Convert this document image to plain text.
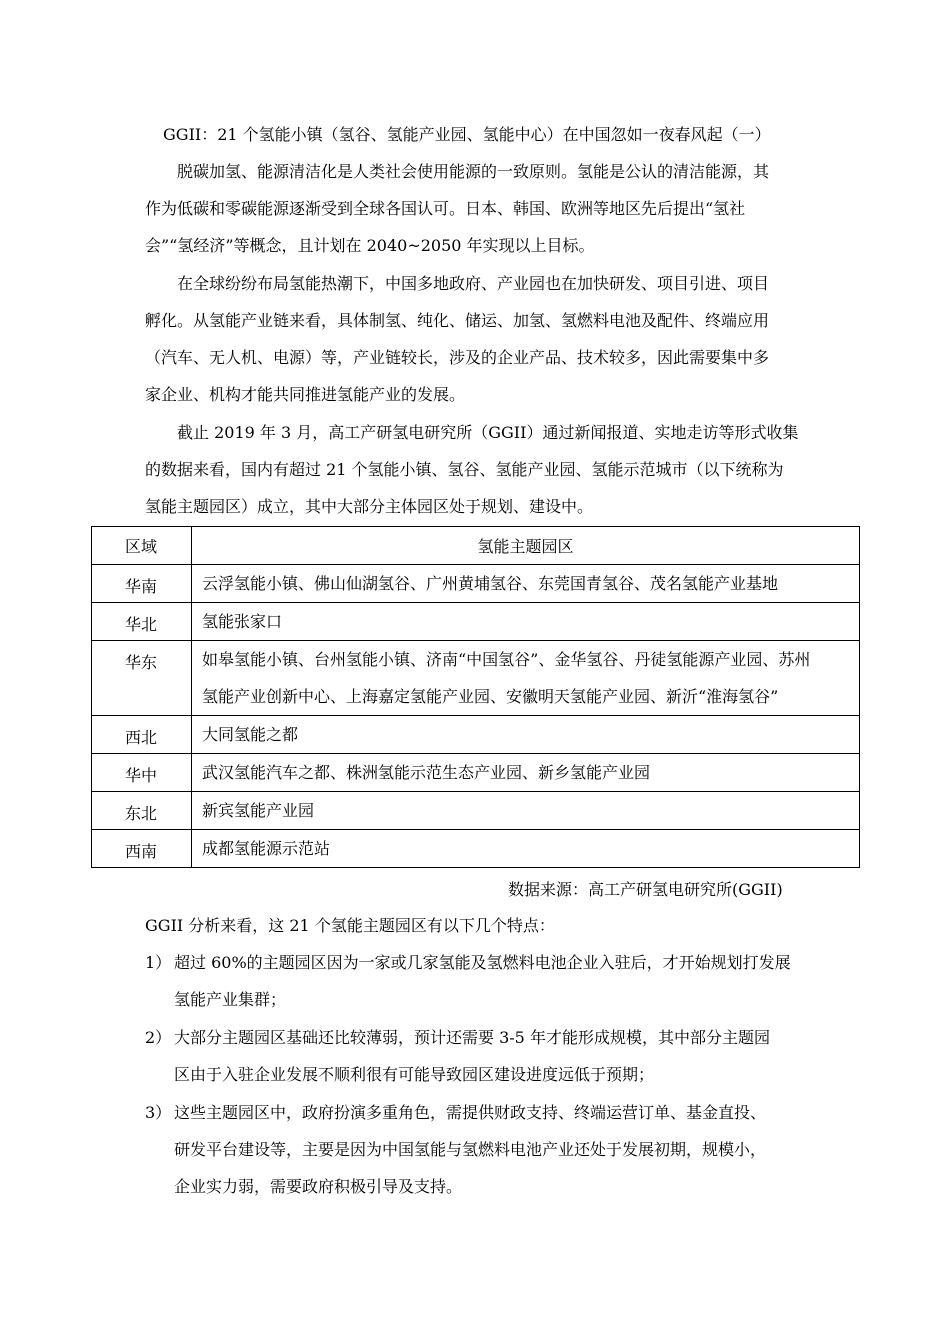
GGII：21 个氢能小镇（氢谷、氢能产业园、氢能中心）在中国忽如一夜春风起（一）
脱碳加氢、能源清洁化是人类社会使用能源的一致原则。氢能是公认的清洁能源，其
作为低碳和零碳能源逐渐受到全球各国认可。日本、韩国、欧洲等地区先后提出“氢社
会”“氢经济”等概念，且计划在 2040~2050 年实现以上目标。
在全球纷纷布局氢能热潮下，中国多地政府、产业园也在加快研发、项目引进、项目
孵化。从氢能产业链来看，具体制氢、纯化、储运、加氢、氢燃料电池及配件、终端应用
（汽车、无人机、电源）等，产业链较长，涉及的企业产品、技术较多，因此需要集中多
家企业、机构才能共同推进氢能产业的发展。
截止 2019 年 3 月，高工产研氢电研究所（GGII）通过新闻报道、实地走访等形式收集
的数据来看，国内有超过 21 个氢能小镇、氢谷、氢能产业园、氢能示范城市（以下统称为
氢能主题园区）成立，其中大部分主体园区处于规划、建设中。
区域	氢能主题园区
华南	云浮氢能小镇、佛山仙湖氢谷、广州黄埔氢谷、东莞国青氢谷、茂名氢能产业基地

华北	氢能张家口

华东	如皋氢能小镇、台州氢能小镇、济南“中国氢谷”、金华氢谷、丹徒氢能源产业园、苏州
氢能产业创新中心、上海嘉定氢能产业园、安徽明天氢能产业园、新沂“淮海氢谷”

西北	大同氢能之都

华中	武汉氢能汽车之都、株洲氢能示范生态产业园、新乡氢能产业园

东北	新宾氢能产业园

西南	成都氢能源示范站
数据来源：高工产研氢电研究所(GGII)
GGII 分析来看，这 21 个氢能主题园区有以下几个特点：
1） 超过 60%的主题园区因为一家或几家氢能及氢燃料电池企业入驻后，才开始规划打发展
氢能产业集群；
2） 大部分主题园区基础还比较薄弱，预计还需要 3-5 年才能形成规模，其中部分主题园
区由于入驻企业发展不顺利很有可能导致园区建设进度远低于预期；
3） 这些主题园区中，政府扮演多重角色，需提供财政支持、终端运营订单、基金直投、
研发平台建设等，主要是因为中国氢能与氢燃料电池产业还处于发展初期，规模小，
企业实力弱，需要政府积极引导及支持。
